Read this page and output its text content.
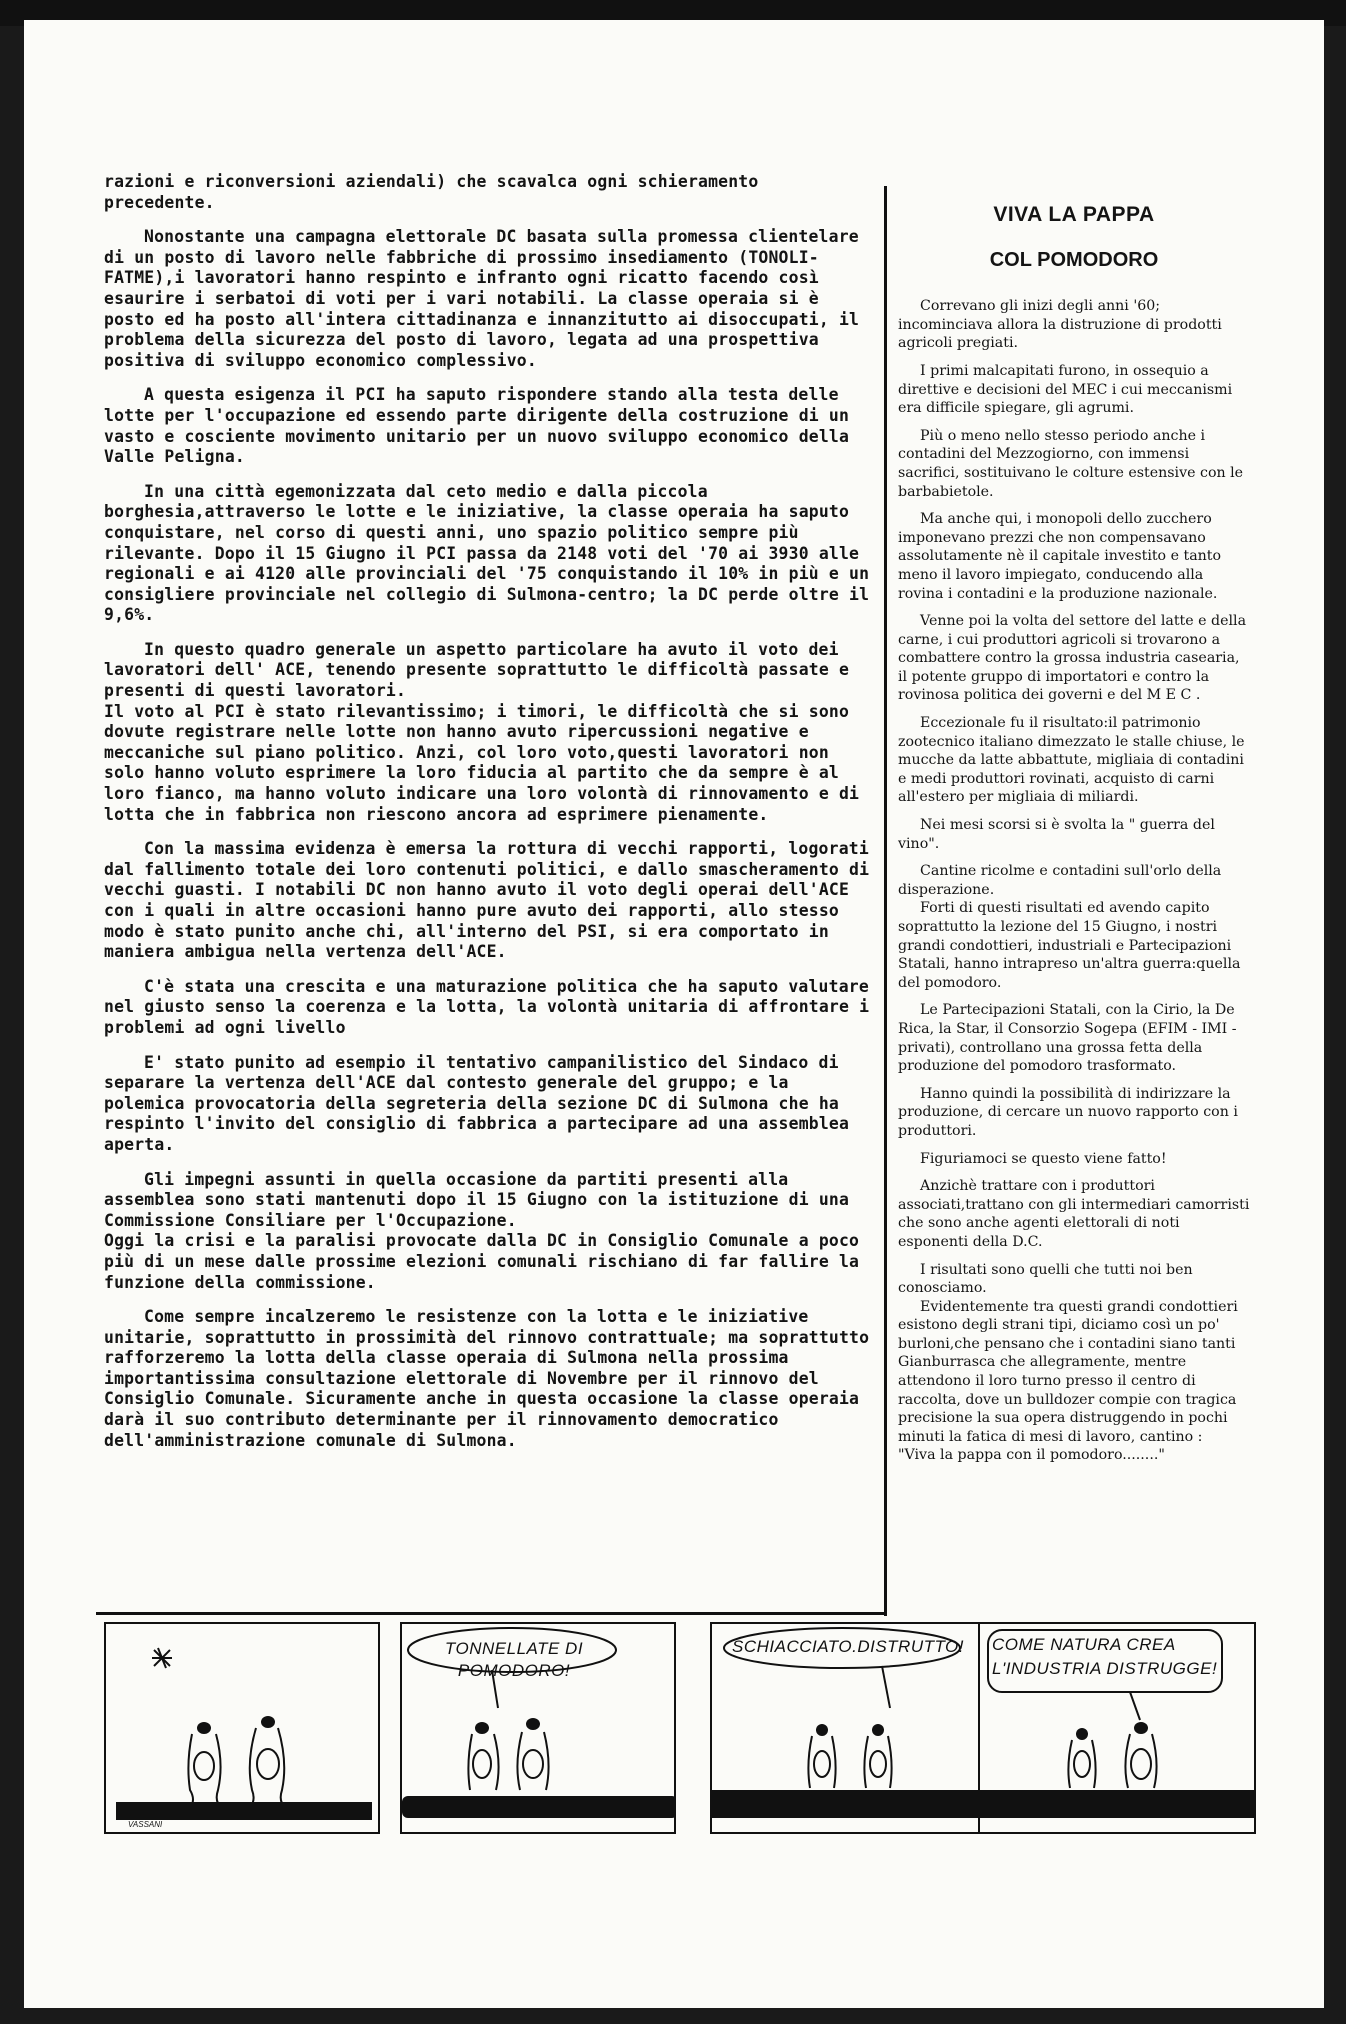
razioni e riconversioni aziendali) che scavalca ogni schieramento precedente.

Nonostante una campagna elettorale DC basata sulla promessa clientelare di un posto di lavoro nelle fabbriche di prossimo insediamento (TONOLI-FATME),i lavoratori hanno respinto e infranto ogni ricatto facendo così esaurire i serbatoi di voti per i vari notabili. La classe operaia si è posto ed ha posto all'intera cittadinanza e innanzitutto ai disoccupati, il problema della sicurezza del posto di lavoro, legata ad una prospettiva positiva di sviluppo economico complessivo.

A questa esigenza il PCI ha saputo rispondere stando alla testa delle lotte per l'occupazione ed essendo parte dirigente della costruzione di un vasto e cosciente movimento unitario per un nuovo sviluppo economico della Valle Peligna.

In una città egemonizzata dal ceto medio e dalla piccola borghesia,attraverso le lotte e le iniziative, la classe operaia ha saputo conquistare, nel corso di questi anni, uno spazio politico sempre più rilevante. Dopo il 15 Giugno il PCI passa da 2148 voti del '70 ai 3930 alle regionali e ai 4120 alle provinciali del '75 conquistando il 10% in più e un consigliere provinciale nel collegio di Sulmona-centro; la DC perde oltre il 9,6%.

In questo quadro generale un aspetto particolare ha avuto il voto dei lavoratori dell' ACE, tenendo presente soprattutto le difficoltà passate e presenti di questi lavoratori.

Il voto al PCI è stato rilevantissimo; i timori, le difficoltà che si sono dovute registrare nelle lotte non hanno avuto ripercussioni negative e meccaniche sul piano politico. Anzi, col loro voto,questi lavoratori non solo hanno voluto esprimere la loro fiducia al partito che da sempre è al loro fianco, ma hanno voluto indicare una loro volontà di rinnovamento e di lotta che in fabbrica non riescono ancora ad esprimere pienamente.

Con la massima evidenza è emersa la rottura di vecchi rapporti, logorati dal fallimento totale dei loro contenuti politici, e dallo smascheramento di vecchi guasti. I notabili DC non hanno avuto il voto degli operai dell'ACE con i quali in altre occasioni hanno pure avuto dei rapporti, allo stesso modo è stato punito anche chi, all'interno del PSI, si era comportato in maniera ambigua nella vertenza dell'ACE.

C'è stata una crescita e una maturazione politica che ha saputo valutare nel giusto senso la coerenza e la lotta, la volontà unitaria di affrontare i problemi ad ogni livello

E' stato punito ad esempio il tentativo campanilistico del Sindaco di separare la vertenza dell'ACE dal contesto generale del gruppo; e la polemica provocatoria della segreteria della sezione DC di Sulmona che ha respinto l'invito del consiglio di fabbrica a partecipare ad una assemblea aperta.

Gli impegni assunti in quella occasione da partiti presenti alla assemblea sono stati mantenuti dopo il 15 Giugno con la istituzione di una Commissione Consiliare per l'Occupazione.

Oggi la crisi e la paralisi provocate dalla DC in Consiglio Comunale a poco più di un mese dalle prossime elezioni comunali rischiano di far fallire la funzione della commissione.

Come sempre incalzeremo le resistenze con la lotta e le iniziative unitarie, soprattutto in prossimità del rinnovo contrattuale; ma soprattutto rafforzeremo la lotta della classe operaia di Sulmona nella prossima importantissima consultazione elettorale di Novembre per il rinnovo del Consiglio Comunale. Sicuramente anche in questa occasione la classe operaia darà il suo contributo determinante per il rinnovamento democratico dell'amministrazione comunale di Sulmona.

VIVA LA PAPPA
COL POMODORO

Correvano gli inizi degli anni '60; incominciava allora la distruzione di prodotti agricoli pregiati.

I primi malcapitati furono, in ossequio a direttive e decisioni del MEC i cui meccanismi era difficile spiegare, gli agrumi.

Più o meno nello stesso periodo anche i contadini del Mezzogiorno, con immensi sacrifici, sostituivano le colture estensive con le barbabietole.

Ma anche qui, i monopoli dello zucchero imponevano prezzi che non compensavano assolutamente nè il capitale investito e tanto meno il lavoro impiegato, conducendo alla rovina i contadini e la produzione nazionale.

Venne poi la volta del settore del latte e della carne, i cui produttori agricoli si trovarono a combattere contro la grossa industria casearia, il potente gruppo di importatori e contro la rovinosa politica dei governi e del M E C .

Eccezionale fu il risultato:il patrimonio zootecnico italiano dimezzato le stalle chiuse, le mucche da latte abbattute, migliaia di contadini e medi produttori rovinati, acquisto di carni all'estero per migliaia di miliardi.

Nei mesi scorsi si è svolta la " guerra del vino".

Cantine ricolme e contadini sull'orlo della disperazione.

Forti di questi risultati ed avendo capito soprattutto la lezione del 15 Giugno, i nostri grandi condottieri, industriali e Partecipazioni Statali, hanno intrapreso un'altra guerra:quella del pomodoro.

Le Partecipazioni Statali, con la Cirio, la De Rica, la Star, il Consorzio Sogepa (EFIM - IMI - privati), controllano una grossa fetta della produzione del pomodoro trasformato.

Hanno quindi la possibilità di indirizzare la produzione, di cercare un nuovo rapporto con i produttori.

Figuriamoci se questo viene fatto!

Anzichè trattare con i produttori associati,trattano con gli intermediari camorristi che sono anche agenti elettorali di noti esponenti della D.C.

I risultati sono quelli che tutti noi ben conosciamo.

Evidentemente tra questi grandi condottieri esistono degli strani tipi, diciamo così un po' burloni,che pensano che i contadini siano tanti Gianburrasca che allegramente, mentre attendono il loro turno presso il centro di raccolta, dove un bulldozer compie con tragica precisione la sua opera distruggendo in pochi minuti la fatica di mesi di lavoro, cantino :

"Viva la pappa con il pomodoro........"

VASSANI
TONNELLATE DI POMODORO!
SCHIACCIATO.DISTRUTTO! COME NATURA CREA
L'INDUSTRIA DISTRUGGE!
